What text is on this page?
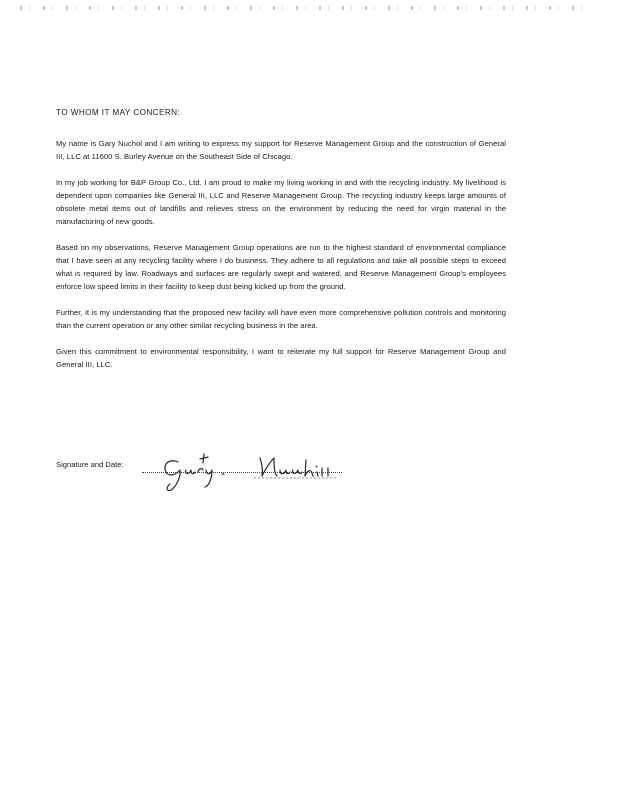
TO WHOM IT MAY CONCERN:

My name is Gary Nuchol and I am writing to express my support for Reserve Management Group and the construction of General III, LLC at 11600 S. Burley Avenue on the Southeast Side of Chicago.

In my job working for B&P Group Co., Ltd. I am proud to make my living working in and with the recycling industry. My livelihood is dependent upon companies like General III, LLC and Reserve Management Group. The recycling industry keeps large amounts of obsolete metal items out of landfills and relieves stress on the environment by reducing the need for virgin material in the manufacturing of new goods.

Based on my observations, Reserve Management Group operations are run to the highest standard of environmental compliance that I have seen at any recycling facility where I do business. They adhere to all regulations and take all possible steps to exceed what is required by law. Roadways and surfaces are regularly swept and watered, and Reserve Management Group's employees enforce low speed limits in their facility to keep dust being kicked up from the ground.

Further, it is my understanding that the proposed new facility will have even more comprehensive pollution controls and monitoring than the current operation or any other similar recycling business in the area.

Given this commitment to environmental responsibility, I want to reiterate my full support for Reserve Management Group and General III, LLC.

Signature and Date:
